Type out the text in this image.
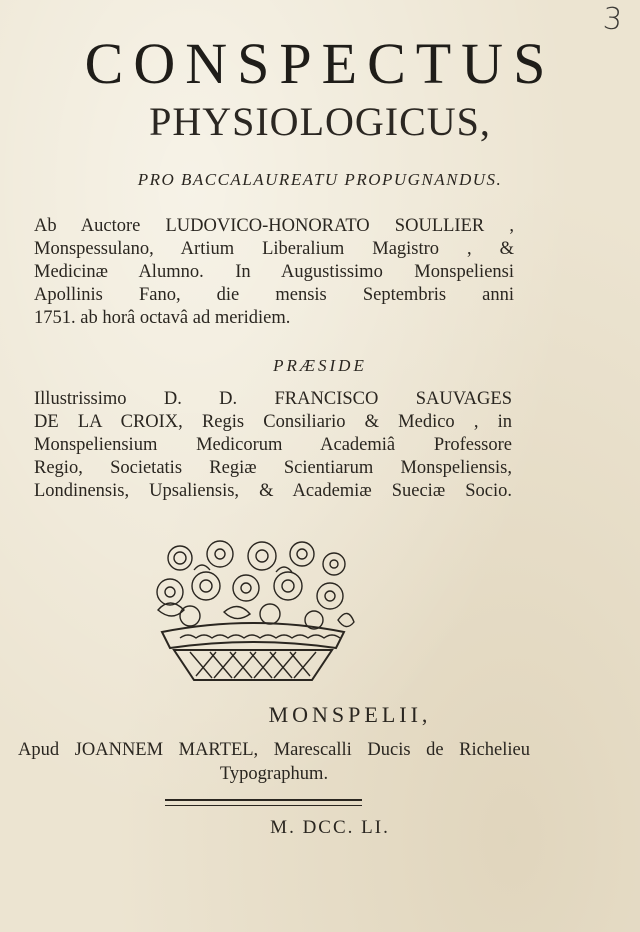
3
CONSPECTUS
PHYSIOLOGICUS,
PRO BACCALAUREATU PROPUGNANDUS.
Ab Auctore LUDOVICO-HONORATO SOULLIER ,
Monspessulano, Artium Liberalium Magistro , &
Medicinæ Alumno. In Augustissimo Monspeliensi
Apollinis Fano, die mensis Septembris anni
1751. ab horâ octavâ ad meridiem.
PRÆSIDE
Illustrissimo D. D. FRANCISCO SAUVAGES
DE LA CROIX, Regis Consiliario & Medico , in
Monspeliensium Medicorum Academiâ Professore
Regio, Societatis Regiæ Scientiarum Monspeliensis,
Londinensis, Upsaliensis, & Academiæ Sueciæ Socio.
MONSPELII,
Apud JOANNEM MARTEL, Marescalli Ducis de Richelieu
Typographum.
M. DCC. LI.
